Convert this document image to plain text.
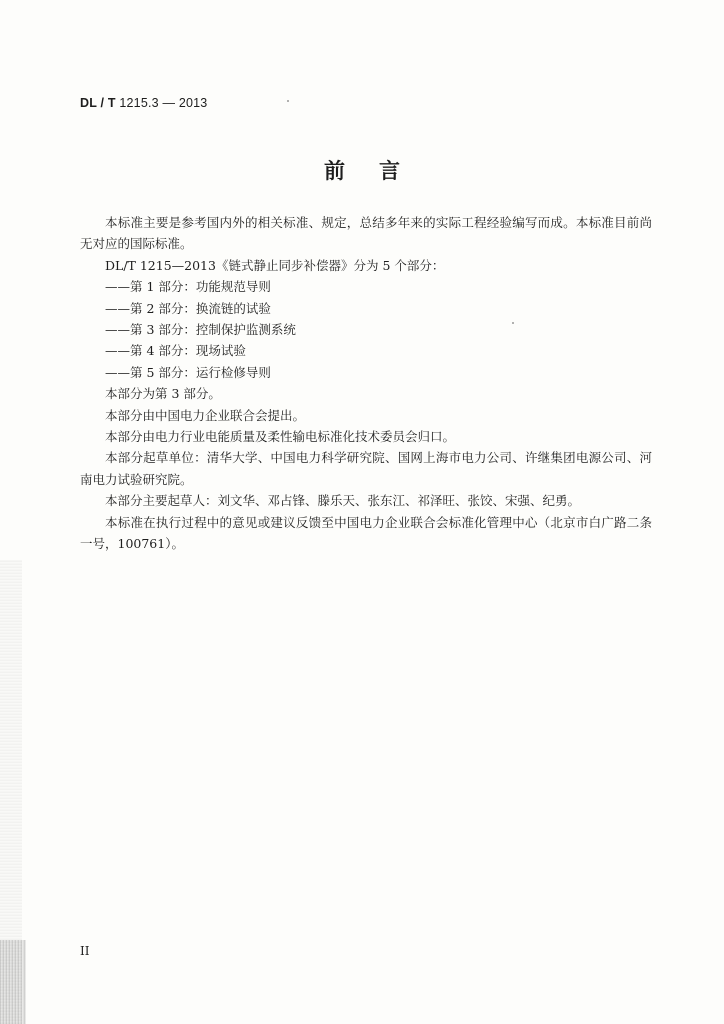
DL / T 1215.3 — 2013
前言

本标准主要是参考国内外的相关标准、规定，总结多年来的实际工程经验编写而成。本标准目前尚无对应的国际标准。

DL/T 1215—2013《链式静止同步补偿器》分为 5 个部分：

——第 1 部分：功能规范导则

——第 2 部分：换流链的试验

——第 3 部分：控制保护监测系统

——第 4 部分：现场试验

——第 5 部分：运行检修导则

本部分为第 3 部分。

本部分由中国电力企业联合会提出。

本部分由电力行业电能质量及柔性输电标准化技术委员会归口。

本部分起草单位：清华大学、中国电力科学研究院、国网上海市电力公司、许继集团电源公司、河南电力试验研究院。

本部分主要起草人：刘文华、邓占锋、滕乐天、张东江、祁泽旺、张饺、宋强、纪勇。

本标准在执行过程中的意见或建议反馈至中国电力企业联合会标准化管理中心（北京市白广路二条一号，100761）。

II
